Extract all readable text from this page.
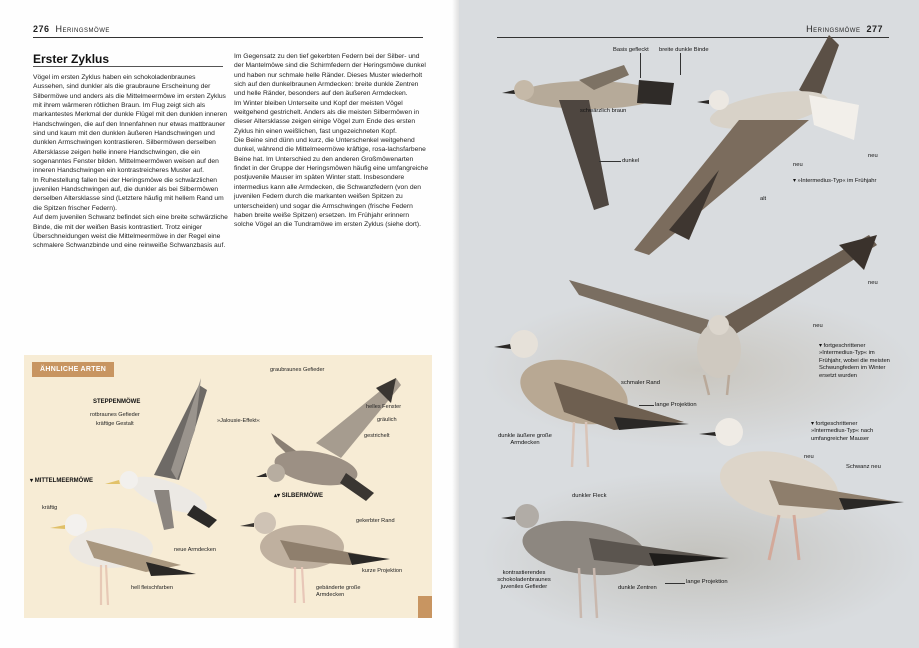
276 Heringsmöwe
Erster Zyklus

Vögel im ersten Zyklus haben ein schokoladenbraunes Aussehen, sind dunkler als die graubraune Erscheinung der Silbermöwe und anders als die Mittelmeermöwe im ersten Zyklus mit ihrem wärmeren rötlichen Braun. Im Flug zeigt sich als markantestes Merkmal der dunkle Flügel mit den dunklen inneren Handschwingen, die auf den Innenfahnen nur etwas mattbrauner sind und kaum mit den dunklen äußeren Handschwingen und dunklen Armschwingen kontrastieren. Silbermöwen derselben Altersklasse zeigen helle innere Handschwingen, die ein sogenanntes Fenster bilden. Mittelmeermöwen weisen auf den inneren Handschwingen ein kontrastreicheres Muster auf.

In Ruhestellung fallen bei der Heringsmöwe die schwärzlichen juvenilen Handschwingen auf, die dunkler als bei Silbermöwen derselben Altersklasse sind (Letztere häufig mit hellem Rand um die Spitzen frischer Federn).

Auf dem juvenilen Schwanz befindet sich eine breite schwärzliche Binde, die mit der weißen Basis kontrastiert. Trotz einiger Überschneidungen weist die Mittelmeermöwe in der Regel eine schmalere Schwanzbinde und eine reinweiße Schwanzbasis auf.

Im Gegensatz zu den tief gekerbten Federn bei der Silber- und der Mantelmöwe sind die Schirmfedern der Heringsmöwe dunkel und haben nur schmale helle Ränder. Dieses Muster wiederholt sich auf den dunkelbraunen Armdecken: breite dunkle Zentren und helle Ränder, besonders auf den äußeren Armdecken.

Im Winter bleiben Unterseite und Kopf der meisten Vögel weitgehend gestrichelt. Anders als die meisten Silbermöwen in dieser Altersklasse zeigen einige Vögel zum Ende des ersten Zyklus hin einen weißlichen, fast ungezeichneten Kopf.

Die Beine sind dünn und kurz, die Unterschenkel weitgehend dunkel, während die Mittelmeermöwe kräftige, rosa-lachsfarbene Beine hat. Im Unterschied zu den anderen Großmöwenarten findet in der Gruppe der Heringsmöwen häufig eine umfangreiche postjuvenile Mauser im späten Winter statt. Insbesondere intermedius kann alle Armdecken, die Schwanzfedern (von den juvenilen Federn durch die markanten weißen Spitzen zu unterscheiden) und sogar die Armschwingen (frische Federn haben breite weiße Spitzen) ersetzen. Im Frühjahr erinnern solche Vögel an die Tundramöwe im ersten Zyklus (siehe dort).

ÄHNLICHE ARTEN
STEPPENMÖWE
▾ MITTELMEERMÖWE
▴▾ SILBERMÖWE
rotbraunes Gefieder
kräftige Gestalt	»Jalousie-Effekt«
graubraunes Gefieder
helles Fenster
gräulich
gestrichelt
kräftig
neue Armdecken
hell fleischfarben
gekerbter Rand
kurze Projektion
gebänderte große Armdecken
Heringsmöwe 277
Basis gefleckt breite dunkle Binde
schwärzlich braun
dunkel
neu
neu
alt
▾ »Intermedius-Typ« im Frühjahr
neu
neu
▾ fortgeschrittener »Intermedius-Typ« im Frühjahr, wobei die meisten Schwungfedern im Winter ersetzt wurden
schmaler Rand
lange Projektion
dunkle äußere große Armdecken
▾ fortgeschrittener »Intermedius-Typ« nach umfangreicher Mauser
neu
Schwanz neu
dunkler Fleck
kontrastierendes schokoladenbraunes juveniles Gefieder	dunkle Zentren
lange Projektion
